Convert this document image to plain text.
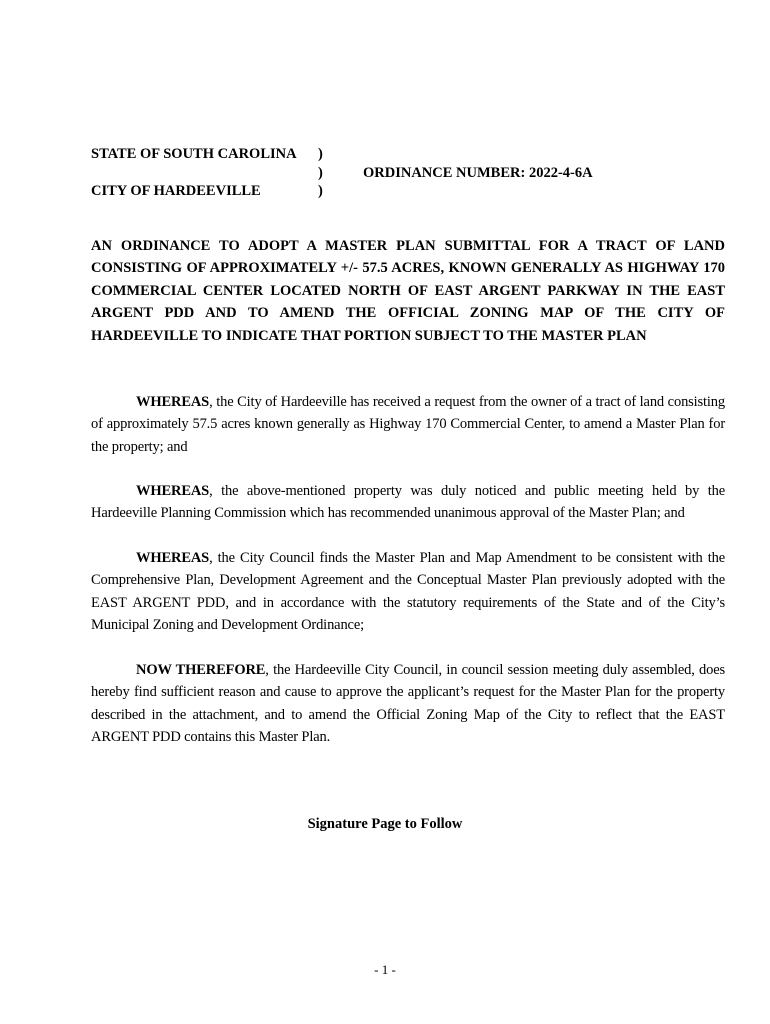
STATE OF SOUTH CAROLINA )
)	ORDINANCE NUMBER: 2022-4-6A
CITY OF HARDEEVILLE	)

AN ORDINANCE TO ADOPT A MASTER PLAN SUBMITTAL FOR A TRACT OF LAND CONSISTING OF APPROXIMATELY +/- 57.5 ACRES, KNOWN GENERALLY AS HIGHWAY 170 COMMERCIAL CENTER LOCATED NORTH OF EAST ARGENT PARKWAY IN THE EAST ARGENT PDD AND TO AMEND THE OFFICIAL ZONING MAP OF THE CITY OF HARDEEVILLE TO INDICATE THAT PORTION SUBJECT TO THE MASTER PLAN

WHEREAS, the City of Hardeeville has received a request from the owner of a tract of land consisting of approximately 57.5 acres known generally as Highway 170 Commercial Center, to amend a Master Plan for the property; and

WHEREAS, the above-mentioned property was duly noticed and public meeting held by the Hardeeville Planning Commission which has recommended unanimous approval of the Master Plan; and

WHEREAS, the City Council finds the Master Plan and Map Amendment to be consistent with the Comprehensive Plan, Development Agreement and the Conceptual Master Plan previously adopted with the EAST ARGENT PDD, and in accordance with the statutory requirements of the State and of the City’s Municipal Zoning and Development Ordinance;

NOW THEREFORE, the Hardeeville City Council, in council session meeting duly assembled, does hereby find sufficient reason and cause to approve the applicant’s request for the Master Plan for the property described in the attachment, and to amend the Official Zoning Map of the City to reflect that the EAST ARGENT PDD contains this Master Plan.

Signature Page to Follow

- 1 -
